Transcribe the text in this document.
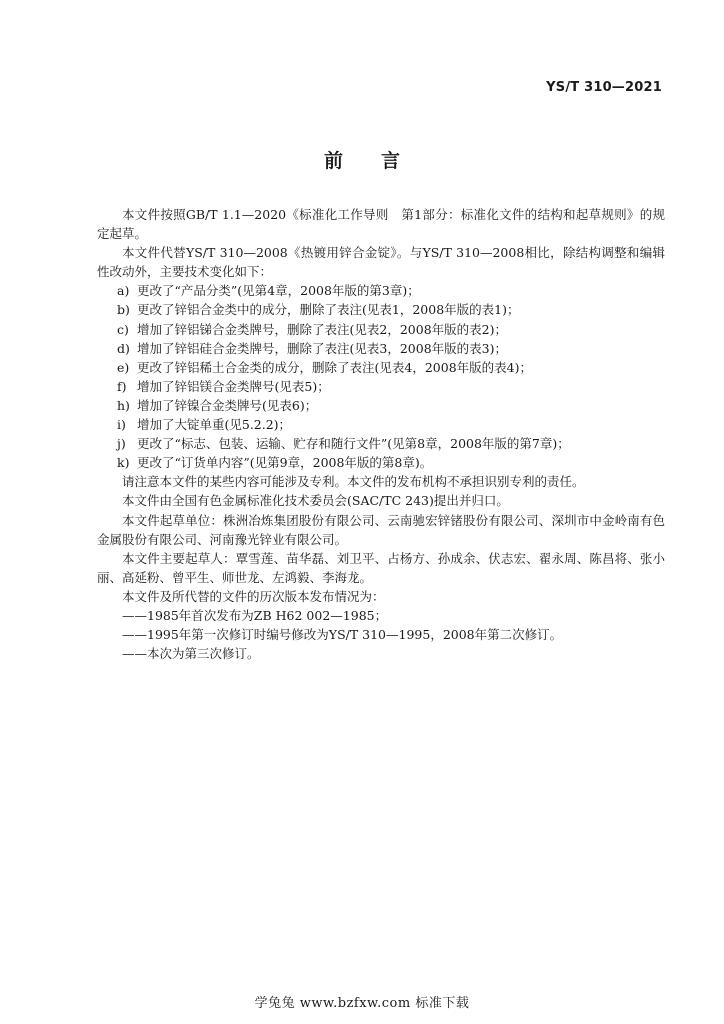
YS/T 310—2021
前 言

本文件按照GB/T 1.1—2020《标准化工作导则　第1部分：标准化文件的结构和起草规则》的规定起草。

本文件代替YS/T 310—2008《热镀用锌合金锭》。与YS/T 310—2008相比，除结构调整和编辑性改动外，主要技术变化如下：

a) 更改了“产品分类”(见第4章，2008年版的第3章)；

b) 更改了锌铝合金类中的成分，删除了表注(见表1，2008年版的表1)；

c) 增加了锌铝锑合金类牌号，删除了表注(见表2，2008年版的表2)；

d) 增加了锌铝硅合金类牌号，删除了表注(见表3，2008年版的表3)；

e) 更改了锌铝稀土合金类的成分，删除了表注(见表4，2008年版的表4)；

f) 增加了锌铝镁合金类牌号(见表5)；

h) 增加了锌镍合金类牌号(见表6)；

i) 增加了大锭单重(见5.2.2)；

j) 更改了“标志、包装、运输、贮存和随行文件”(见第8章，2008年版的第7章)；

k) 更改了“订货单内容”(见第9章，2008年版的第8章)。

请注意本文件的某些内容可能涉及专利。本文件的发布机构不承担识别专利的责任。

本文件由全国有色金属标准化技术委员会(SAC/TC 243)提出并归口。

本文件起草单位：株洲冶炼集团股份有限公司、云南驰宏锌锗股份有限公司、深圳市中金岭南有色金属股份有限公司、河南豫光锌业有限公司。

本文件主要起草人：覃雪莲、苗华磊、刘卫平、占杨方、孙成余、伏志宏、翟永周、陈昌将、张小丽、高延粉、曾平生、师世龙、左鸿毅、李海龙。

本文件及所代替的文件的历次版本发布情况为：

——1985年首次发布为ZB H62 002—1985；

——1995年第一次修订时编号修改为YS/T 310—1995，2008年第二次修订。

——本次为第三次修订。

学兔兔 www.bzfxw.com 标准下载
